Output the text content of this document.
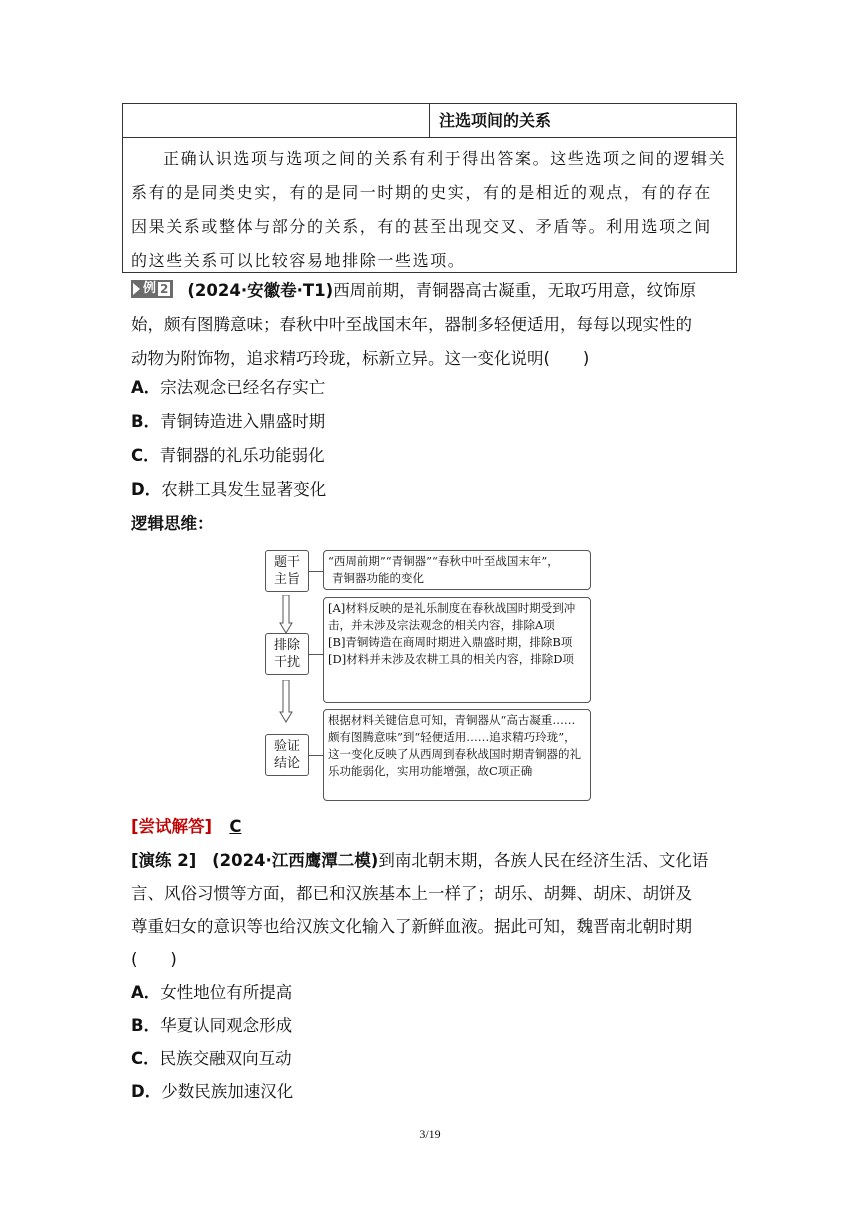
注选项间的关系
正确认识选项与选项之间的关系有利于得出答案。这些选项之间的逻辑关系有的是同类史实，有的是同一时期的史实，有的是相近的观点，有的存在因果关系或整体与部分的关系，有的甚至出现交叉、矛盾等。利用选项之间的这些关系可以比较容易地排除一些选项。
例 2 (2024·安徽卷·T1)西周前期，青铜器高古凝重，无取巧用意，纹饰原
始，颇有图腾意味；春秋中叶至战国末年，器制多轻便适用，每每以现实性的
动物为附饰物，追求精巧玲珑，标新立异。这一变化说明(　　)
A．宗法观念已经名存实亡
B．青铜铸造进入鼎盛时期
C．青铜器的礼乐功能弱化
D．农耕工具发生显著变化
逻辑思维：
题干
主旨
“西周前期”“青铜器”“春秋中叶至战国末年”，
青铜器功能的变化
排除
干扰
[A]材料反映的是礼乐制度在春秋战国时期受到冲击，并未涉及宗法观念的相关内容，排除A项
[B]青铜铸造在商周时期进入鼎盛时期，排除B项
[D]材料并未涉及农耕工具的相关内容，排除D项
验证
结论
根据材料关键信息可知，青铜器从“高古凝重……颇有图腾意味”到“轻便适用……追求精巧玲珑”，这一变化反映了从西周到春秋战国时期青铜器的礼乐功能弱化，实用功能增强，故C项正确
[尝试解答] C
[演练 2] (2024·江西鹰潭二模)到南北朝末期，各族人民在经济生活、文化语
言、风俗习惯等方面，都已和汉族基本上一样了；胡乐、胡舞、胡床、胡饼及
尊重妇女的意识等也给汉族文化输入了新鲜血液。据此可知，魏晋南北朝时期
(　　)
A．女性地位有所提高
B．华夏认同观念形成
C．民族交融双向互动
D．少数民族加速汉化
3/19
